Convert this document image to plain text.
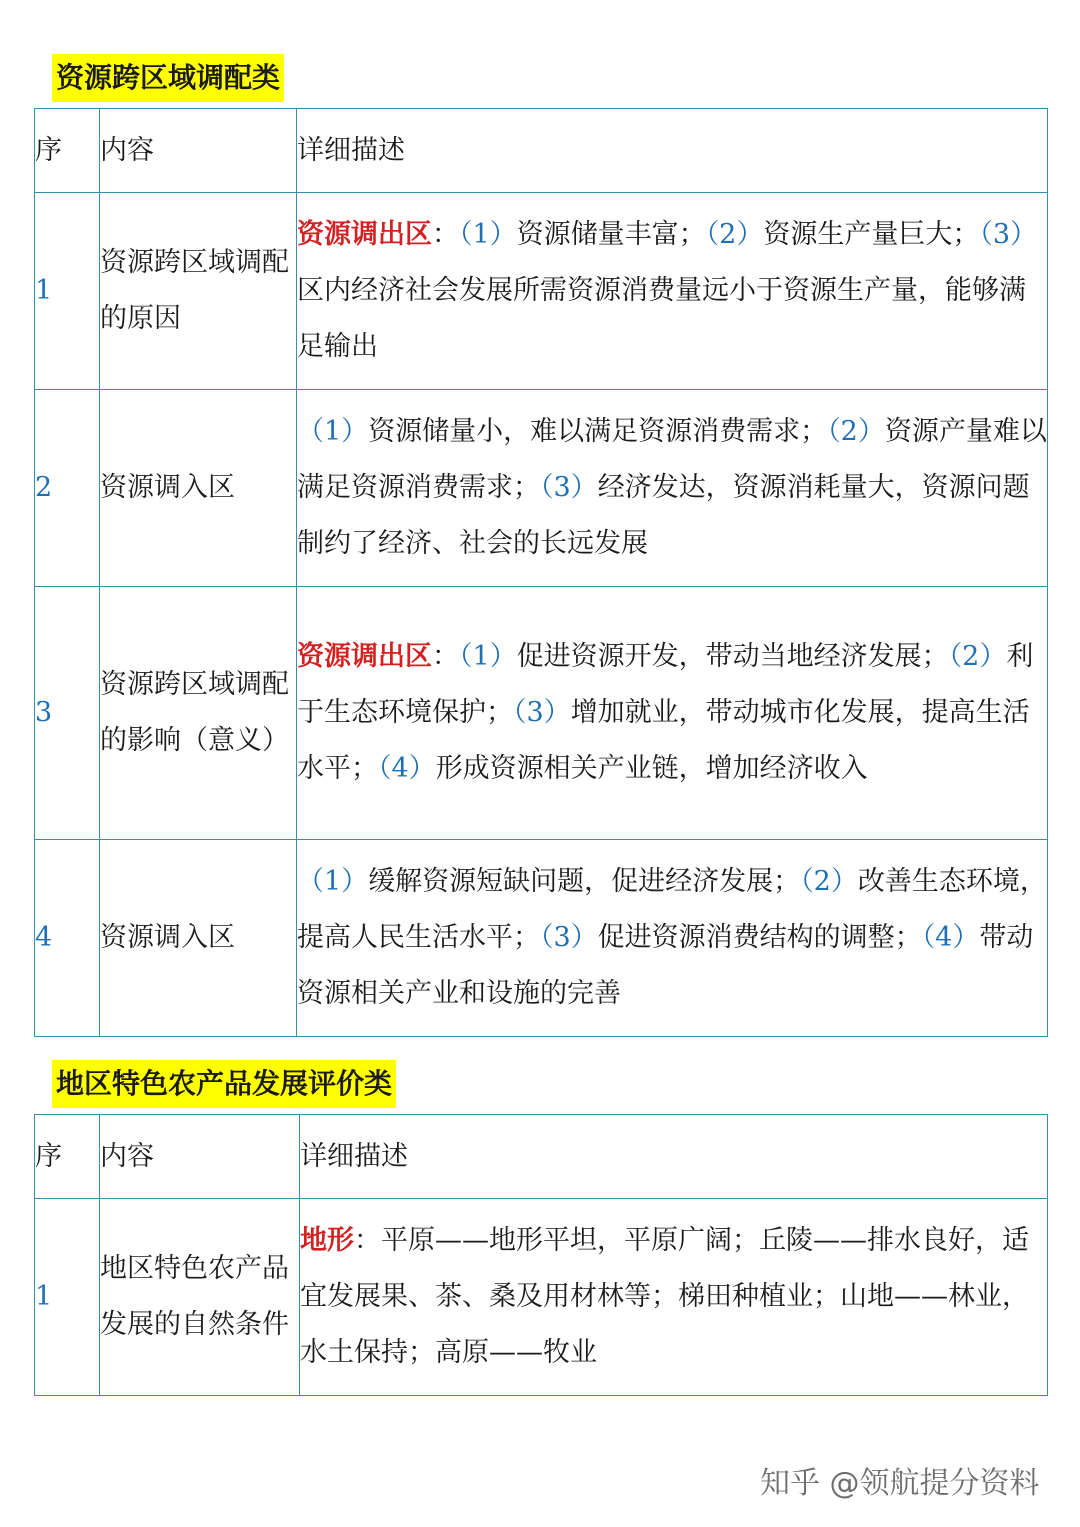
资源跨区域调配类
序	内容	详细描述
1	资源跨区域调配的原因	资源调出区：（1）资源储量丰富；（2）资源生产量巨大；（3）区内经济社会发展所需资源消费量远小于资源生产量，能够满足输出
2	资源调入区	（1）资源储量小，难以满足资源消费需求；（2）资源产量难以满足资源消费需求；（3）经济发达，资源消耗量大，资源问题制约了经济、社会的长远发展
3	资源跨区域调配的影响（意义）	资源调出区：（1）促进资源开发，带动当地经济发展；（2）利于生态环境保护；（3）增加就业，带动城市化发展，提高生活水平；（4）形成资源相关产业链，增加经济收入
4	资源调入区	（1）缓解资源短缺问题，促进经济发展；（2）改善生态环境，提高人民生活水平；（3）促进资源消费结构的调整；（4）带动资源相关产业和设施的完善
地区特色农产品发展评价类
序	内容	详细描述
1	地区特色农产品发展的自然条件	地形：平原——地形平坦，平原广阔；丘陵——排水良好，适宜发展果、茶、桑及用材林等；梯田种植业；山地——林业，水土保持；高原——牧业
知乎 @领航提分资料
